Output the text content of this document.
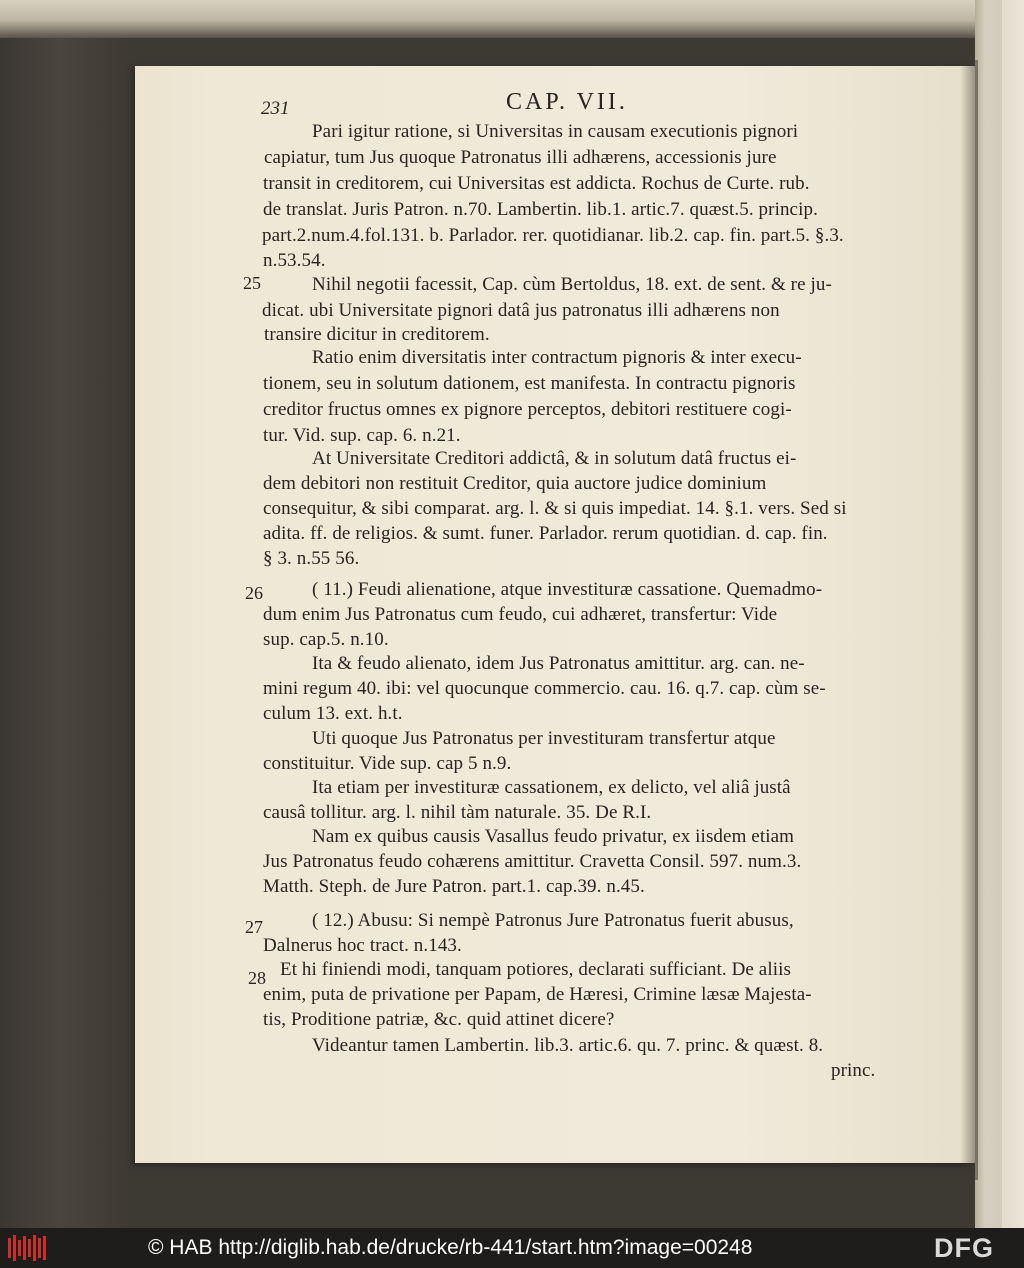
231	CAP. VII.
25
26
27
28
Pari igitur ratione, si Universitas in causam executionis pignori
capiatur, tum Jus quoque Patronatus illi adhærens, accessionis jure
transit in creditorem, cui Universitas est addicta. Rochus de Curte. rub.
de translat. Juris Patron. n.70. Lambertin. lib.1. artic.7. quæst.5. princip.
part.2.num.4.fol.131. b. Parlador. rer. quotidianar. lib.2. cap. fin. part.5. §.3.
n.53.54.
Nihil negotii facessit, Cap. cùm Bertoldus, 18. ext. de sent. & re ju-
dicat. ubi Universitate pignori datâ jus patronatus illi adhærens non
transire dicitur in creditorem.
Ratio enim diversitatis inter contractum pignoris & inter execu-
tionem, seu in solutum dationem, est manifesta. In contractu pignoris
creditor fructus omnes ex pignore perceptos, debitori restituere cogi-
tur. Vid. sup. cap. 6. n.21.
At Universitate Creditori addictâ, & in solutum datâ fructus ei-
dem debitori non restituit Creditor, quia auctore judice dominium
consequitur, & sibi comparat. arg. l. & si quis impediat. 14. §.1. vers. Sed si
adita. ff. de religios. & sumt. funer. Parlador. rerum quotidian. d. cap. fin.
§ 3. n.55 56.
( 11.) Feudi alienatione, atque investituræ cassatione. Quemadmo-
dum enim Jus Patronatus cum feudo, cui adhæret, transfertur: Vide
sup. cap.5. n.10.
Ita & feudo alienato, idem Jus Patronatus amittitur. arg. can. ne-
mini regum 40. ibi: vel quocunque commercio. cau. 16. q.7. cap. cùm se-
culum 13. ext. h.t.
Uti quoque Jus Patronatus per investituram transfertur atque
constituitur. Vide sup. cap 5 n.9.
Ita etiam per investituræ cassationem, ex delicto, vel aliâ justâ
causâ tollitur. arg. l. nihil tàm naturale. 35. De R.I.
Nam ex quibus causis Vasallus feudo privatur, ex iisdem etiam
Jus Patronatus feudo cohærens amittitur. Cravetta Consil. 597. num.3.
Matth. Steph. de Jure Patron. part.1. cap.39. n.45.
( 12.) Abusu: Si nempè Patronus Jure Patronatus fuerit abusus,
Dalnerus hoc tract. n.143.
Et hi finiendi modi, tanquam potiores, declarati sufficiant. De aliis
enim, puta de privatione per Papam, de Hæresi, Crimine læsæ Majesta-
tis, Proditione patriæ, &c. quid attinet dicere?
Videantur tamen Lambertin. lib.3. artic.6. qu. 7. princ. & quæst. 8.
princ.
© HAB http://diglib.hab.de/drucke/rb-441/start.htm?image=00248	DFG
